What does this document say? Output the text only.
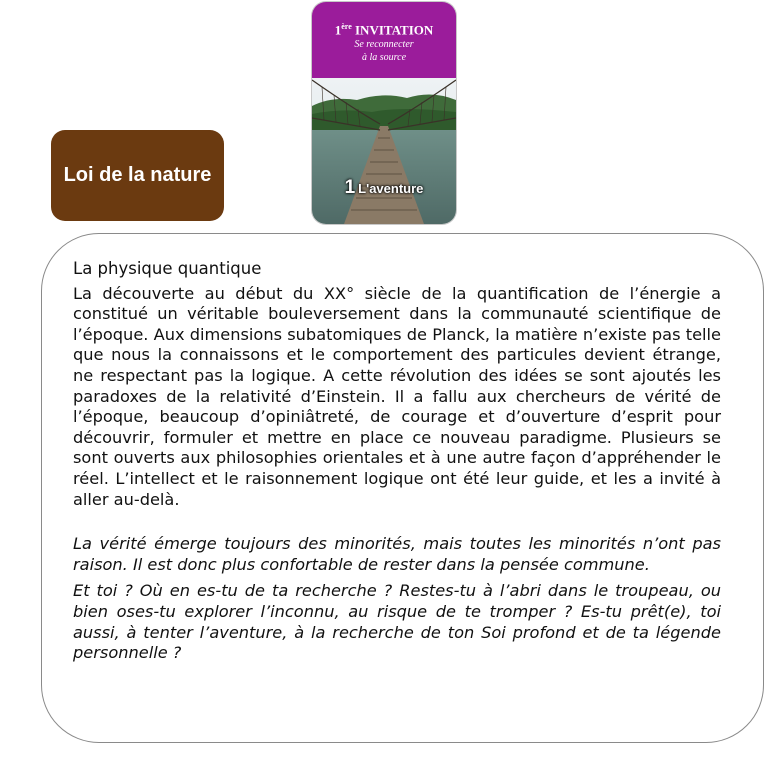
1ère INVITATION
Se reconnecter
à la source
1 L'aventure
Loi de la nature

La physique quantique

La découverte au début du XX° siècle de la quantification de l’énergie a constitué un véritable bouleversement dans la communauté scientifique de l’époque. Aux dimensions subatomiques de Planck, la matière n’existe pas telle que nous la connaissons et le comportement des particules devient étrange, ne respectant pas la logique. A cette révolution des idées se sont ajoutés les paradoxes de la relativité d’Einstein. Il a fallu aux chercheurs de vérité de l’époque, beaucoup d’opiniâtreté, de courage et d’ouverture d’esprit pour découvrir, formuler et mettre en place ce nouveau paradigme. Plusieurs se sont ouverts aux philosophies orientales et à une autre façon d’appréhender le réel. L’intellect et le raisonnement logique ont été leur guide, et les a invité à aller au-delà.

La vérité émerge toujours des minorités, mais toutes les minorités n’ont pas raison. Il est donc plus confortable de rester dans la pensée commune.

Et toi ? Où en es-tu de ta recherche ? Restes-tu à l’abri dans le troupeau, ou bien oses-tu explorer l’inconnu, au risque de te tromper ? Es-tu prêt(e), toi aussi, à tenter l’aventure, à la recherche de ton Soi profond et de ta légende personnelle ?
